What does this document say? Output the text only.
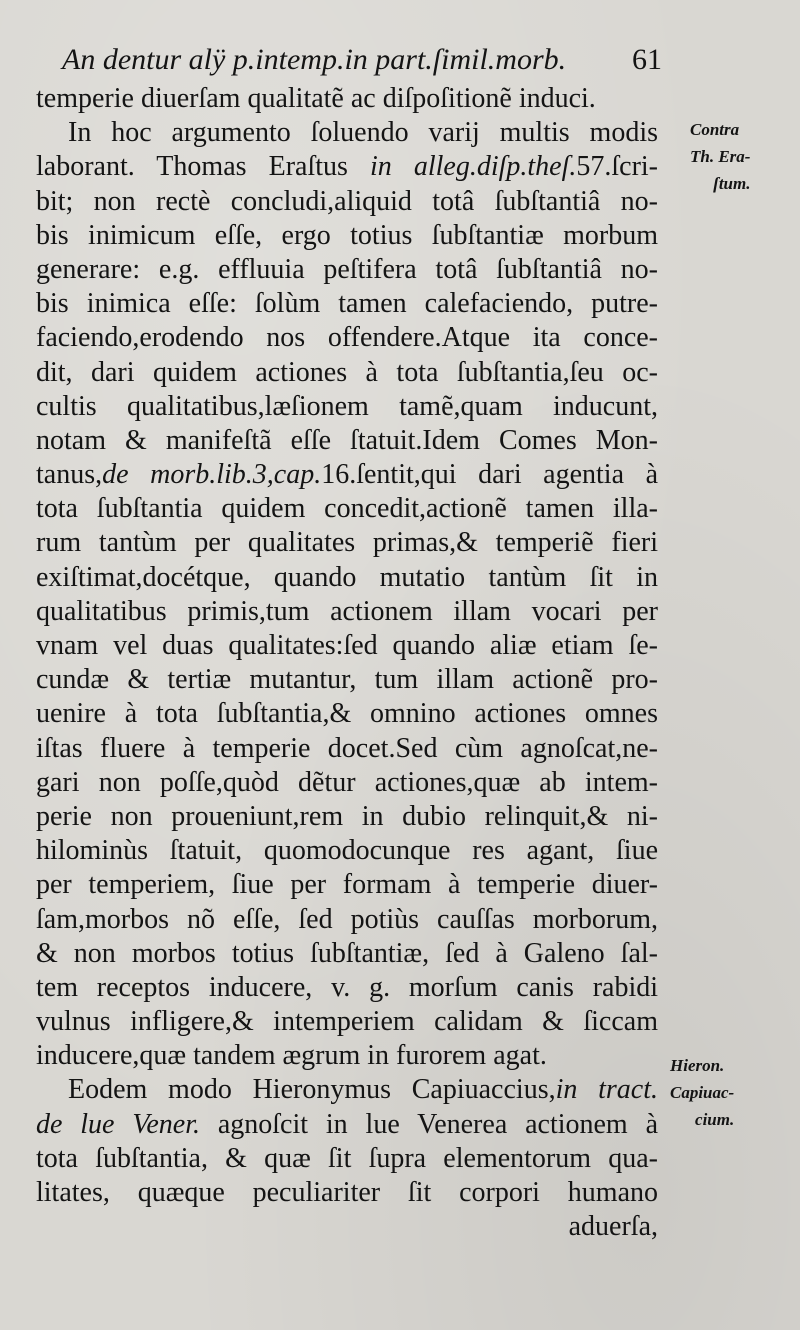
An dentur alÿ p.intemp.in part.ſimil.morb. 61
temperie diuerſam qualitatẽ ac diſpoſitionẽ induci.
In hoc argumento ſoluendo varij multis modis
laborant. Thomas Eraſtus in alleg.diſp.theſ.57.ſcri-
bit; non rectè concludi,aliquid totâ ſubſtantiâ no-
bis inimicum eſſe, ergo totius ſubſtantiæ morbum
generare: e.g. effluuia peſtifera totâ ſubſtantiâ no-
bis inimica eſſe: ſolùm tamen calefaciendo, putre-
faciendo,erodendo nos offendere.Atque ita conce-
dit, dari quidem actiones à tota ſubſtantia,ſeu oc-
cultis qualitatibus,læſionem tamẽ,quam inducunt,
notam & manifeſtã eſſe ſtatuit.Idem Comes Mon-
tanus,de morb.lib.3,cap.16.ſentit,qui dari agentia à
tota ſubſtantia quidem concedit,actionẽ tamen illa-
rum tantùm per qualitates primas,& temperiẽ fieri
exiſtimat,docétque, quando mutatio tantùm ſit in
qualitatibus primis,tum actionem illam vocari per
vnam vel duas qualitates:ſed quando aliæ etiam ſe-
cundæ & tertiæ mutantur, tum illam actionẽ pro-
uenire à tota ſubſtantia,& omnino actiones omnes
iſtas fluere à temperie docet.Sed cùm agnoſcat,ne-
gari non poſſe,quòd dẽtur actiones,quæ ab intem-
perie non proueniunt,rem in dubio relinquit,& ni-
hilominùs ſtatuit, quomodocunque res agant, ſiue
per temperiem, ſiue per formam à temperie diuer-
ſam,morbos nõ eſſe, ſed potiùs cauſſas morborum,
& non morbos totius ſubſtantiæ, ſed à Galeno ſal-
tem receptos inducere, v. g. morſum canis rabidi
vulnus infligere,& intemperiem calidam & ſiccam
inducere,quæ tandem ægrum in furorem agat.
Eodem modo Hieronymus Capiuaccius,in tract.
de lue Vener. agnoſcit in lue Venerea actionem à
tota ſubſtantia, & quæ ſit ſupra elementorum qua-
litates, quæque peculiariter ſit corpori humano
aduerſa,
Contra
Th. Era-
ſtum.
Hieron.
Capiuac-
cium.
